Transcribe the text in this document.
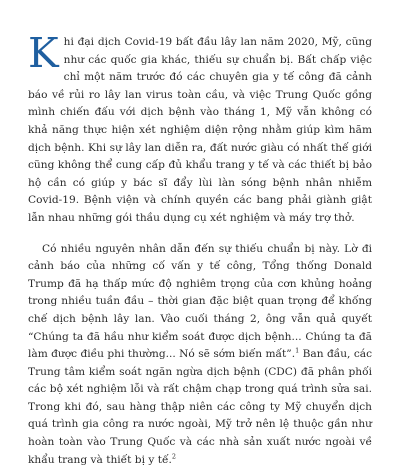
Khi đại dịch Covid-19 bất đầu lây lan năm 2020, Mỹ, cũng như các quốc gia khác, thiếu sự chuẩn bị. Bất chấp việc chỉ một năm trước đó các chuyên gia y tế công đã cảnh báo về rủi ro lây lan virus toàn cầu, và việc Trung Quốc gồng mình chiến đấu với dịch bệnh vào tháng 1, Mỹ vẫn không có khả năng thực hiện xét nghiệm diện rộng nhằm giúp kìm hãm dịch bệnh. Khi sự lây lan diễn ra, đất nước giàu có nhất thế giới cũng không thể cung cấp đủ khẩu trang y tế và các thiết bị bảo hộ cần có giúp y bác sĩ đẩy lùi làn sóng bệnh nhân nhiễm Covid-19. Bệnh viện và chính quyền các bang phải giành giật lẫn nhau những gói thầu dụng cụ xét nghiệm và máy trợ thở.

Có nhiều nguyên nhân dẫn đến sự thiếu chuẩn bị này. Lờ đi cảnh báo của những cố vấn y tế công, Tổng thống Donald Trump đã hạ thấp mức độ nghiêm trọng của cơn khủng hoảng trong nhiều tuần đầu – thời gian đặc biệt quan trọng để khống chế dịch bệnh lây lan. Vào cuối tháng 2, ông vẫn quả quyết “Chúng ta đã hầu như kiểm soát được dịch bệnh... Chúng ta đã làm được điều phi thường... Nó sẽ sớm biến mất”.$^1$ Ban đầu, các Trung tâm kiểm soát ngăn ngừa dịch bệnh (CDC) đã phân phối các bộ xét nghiệm lỗi và rất chậm chạp trong quá trình sửa sai. Trong khi đó, sau hàng thập niên các công ty Mỹ chuyển dịch quá trình gia công ra nước ngoài, Mỹ trở nên lệ thuộc gần như hoàn toàn vào Trung Quốc và các nhà sản xuất nước ngoài về khẩu trang và thiết bị y tế.$^2$
